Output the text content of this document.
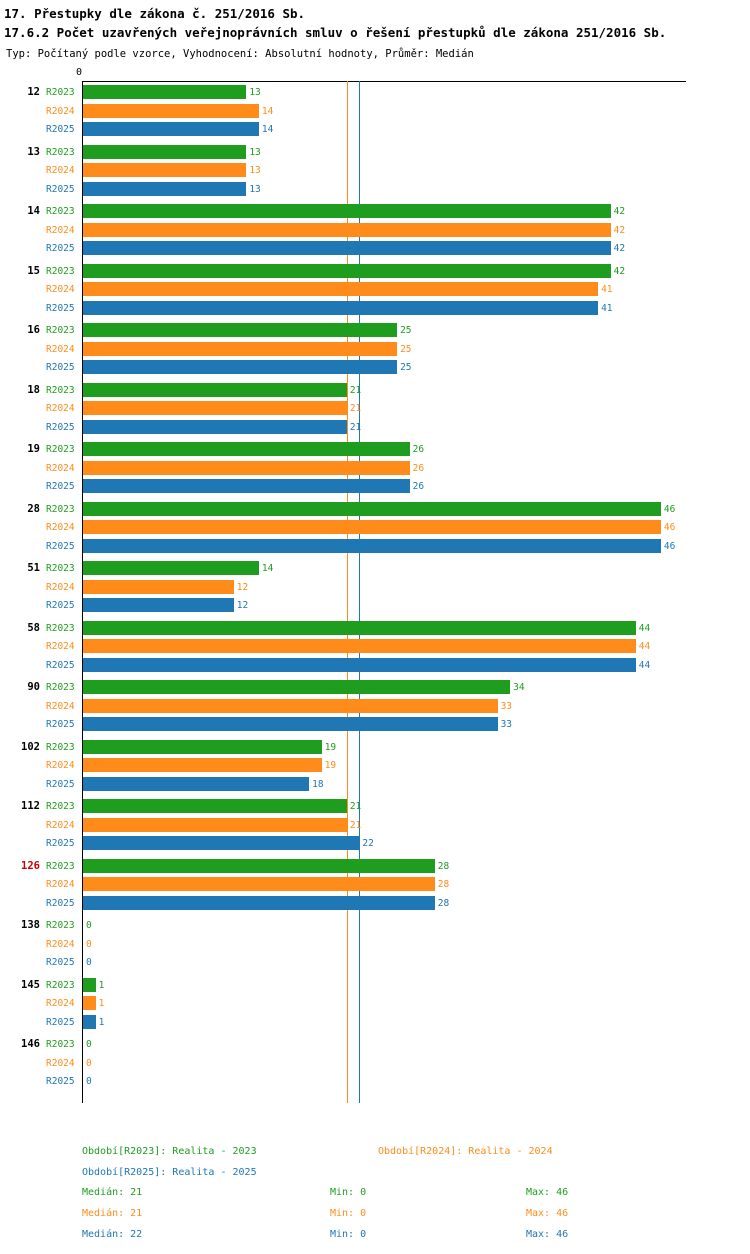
17. Přestupky dle zákona č. 251/2016 Sb.
17.6.2 Počet uzavřených veřejnoprávních smluv o řešení přestupků dle zákona 251/2016 Sb.
Typ: Počítaný podle vzorce, Vyhodnocení: Absolutní hodnoty, Průměr: Medián
0
12 R2023	13
R2024	14
R2025	14
13 R2023	13
R2024	13
R2025	13
14 R2023	42
R2024	42
R2025	42
15 R2023	42
R2024	41
R2025	41
16 R2023	25
R2024	25
R2025	25
18 R2023	21
R2024	21
R2025	21
19 R2023	26
R2024	26
R2025	26
28 R2023	46
R2024	46
R2025	46
51 R2023	14
R2024	12
R2025	12
58 R2023	44
R2024	44
R2025	44
90 R2023	34
R2024	33
R2025	33
102 R2023	19
R2024	19
R2025	18
112 R2023	21
R2024	21
R2025	22
126 R2023	28
R2024	28
R2025	28
138 R2023 0
R2024 0
R2025 0
145 R2023	1
R2024	1
R2025	1
146 R2023 0
R2024 0
R2025 0
Období[R2023]: Realita - 2023	Období[R2024]: Realita - 2024
Období[R2025]: Realita - 2025
Medián: 21	Min: 0	Max: 46
Medián: 21	Min: 0	Max: 46
Medián: 22	Min: 0	Max: 46
